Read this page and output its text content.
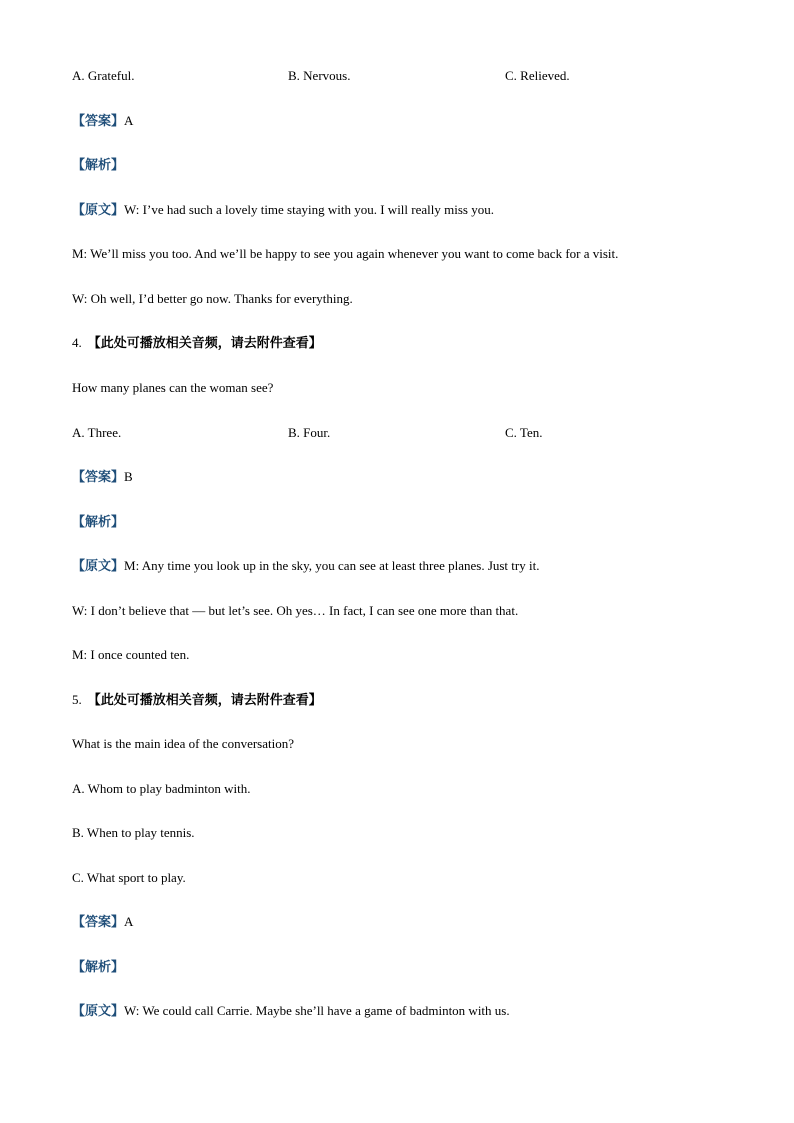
A. Grateful.	B. Nervous.	C. Relieved.
【答案】A
【解析】
【原文】W: I’ve had such a lovely time staying with you. I will really miss you.
M: We’ll miss you too. And we’ll be happy to see you again whenever you want to come back for a visit.
W: Oh well, I’d better go now. Thanks for everything.
4. 【此处可播放相关音频，请去附件查看】
How many planes can the woman see?
A. Three.	B. Four.	C. Ten.
【答案】B
【解析】
【原文】M: Any time you look up in the sky, you can see at least three planes. Just try it.
W: I don’t believe that — but let’s see. Oh yes… In fact, I can see one more than that.
M: I once counted ten.
5. 【此处可播放相关音频，请去附件查看】
What is the main idea of the conversation?
A. Whom to play badminton with.
B. When to play tennis.
C. What sport to play.
【答案】A
【解析】
【原文】W: We could call Carrie. Maybe she’ll have a game of badminton with us.
